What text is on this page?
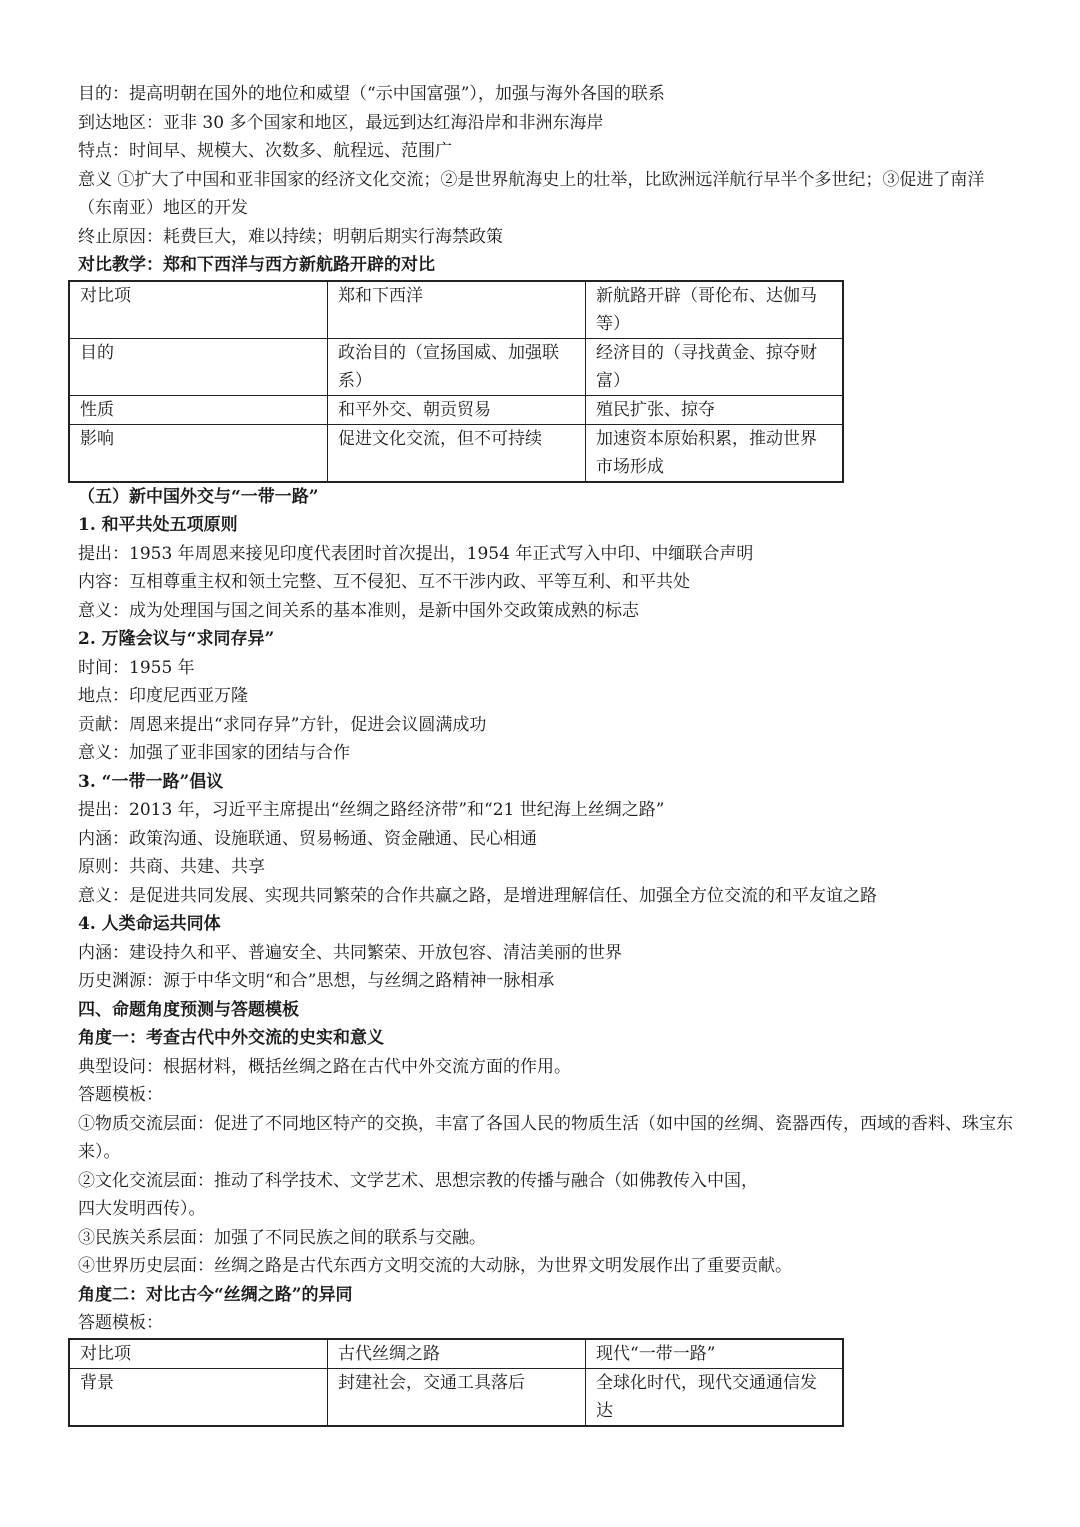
目的：提高明朝在国外的地位和威望（“示中国富强”），加强与海外各国的联系
到达地区：亚非 30 多个国家和地区，最远到达红海沿岸和非洲东海岸
特点：时间早、规模大、次数多、航程远、范围广
意义 ①扩大了中国和亚非国家的经济文化交流；②是世界航海史上的壮举，比欧洲远洋航行早半个多世纪；③促进了南洋（东南亚）地区的开发
终止原因：耗费巨大，难以持续；明朝后期实行海禁政策
对比教学：郑和下西洋与西方新航路开辟的对比
对比项	郑和下西洋	新航路开辟（哥伦布、达伽马等）
目的	政治目的（宣扬国威、加强联系）	经济目的（寻找黄金、掠夺财富）
性质	和平外交、朝贡贸易	殖民扩张、掠夺
影响	促进文化交流，但不可持续	加速资本原始积累，推动世界市场形成
（五）新中国外交与“一带一路”
1. 和平共处五项原则
提出：1953 年周恩来接见印度代表团时首次提出，1954 年正式写入中印、中缅联合声明
内容：互相尊重主权和领土完整、互不侵犯、互不干涉内政、平等互利、和平共处
意义：成为处理国与国之间关系的基本准则，是新中国外交政策成熟的标志
2. 万隆会议与“求同存异”
时间：1955 年
地点：印度尼西亚万隆
贡献：周恩来提出“求同存异”方针，促进会议圆满成功
意义：加强了亚非国家的团结与合作
3. “一带一路”倡议
提出：2013 年，习近平主席提出“丝绸之路经济带”和“21 世纪海上丝绸之路”
内涵：政策沟通、设施联通、贸易畅通、资金融通、民心相通
原则：共商、共建、共享
意义：是促进共同发展、实现共同繁荣的合作共赢之路，是增进理解信任、加强全方位交流的和平友谊之路
4. 人类命运共同体
内涵：建设持久和平、普遍安全、共同繁荣、开放包容、清洁美丽的世界
历史渊源：源于中华文明“和合”思想，与丝绸之路精神一脉相承
四、命题角度预测与答题模板
角度一：考查古代中外交流的史实和意义
典型设问：根据材料，概括丝绸之路在古代中外交流方面的作用。
答题模板：
①物质交流层面：促进了不同地区特产的交换，丰富了各国人民的物质生活（如中国的丝绸、瓷器西传，西域的香料、珠宝东来）。
②文化交流层面：推动了科学技术、文学艺术、思想宗教的传播与融合（如佛教传入中国，
四大发明西传）。
③民族关系层面：加强了不同民族之间的联系与交融。
④世界历史层面：丝绸之路是古代东西方文明交流的大动脉，为世界文明发展作出了重要贡献。
角度二：对比古今“丝绸之路”的异同
答题模板：
对比项	古代丝绸之路	现代“一带一路”
背景	封建社会，交通工具落后	全球化时代，现代交通通信发达
